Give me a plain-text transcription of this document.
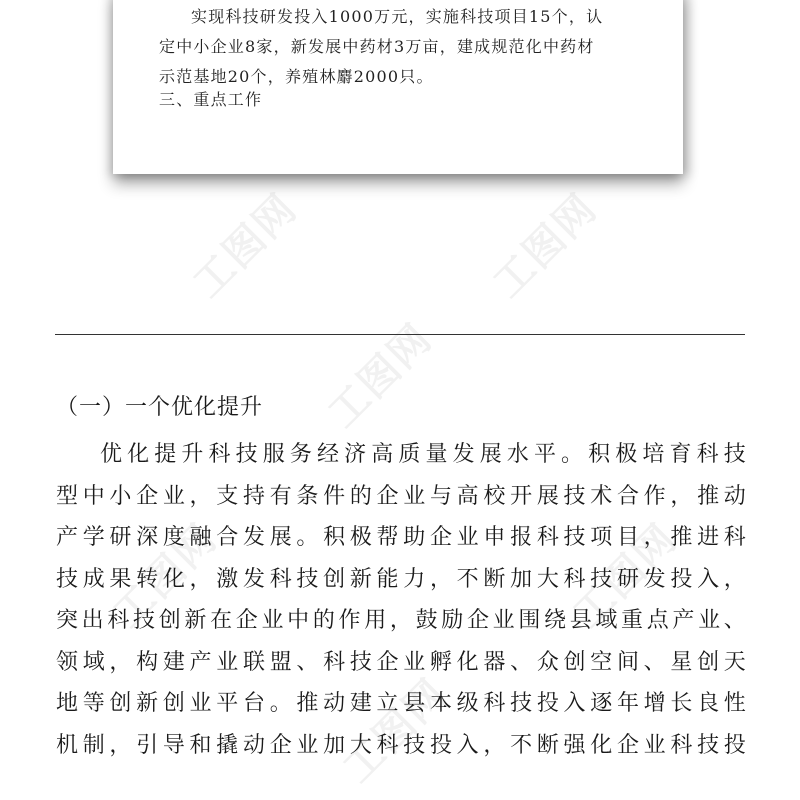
工图网	工图网
工图网
工图网	工图网
工图网

实现科技研发投入1000万元，实施科技项目15个，认

定中小企业8家，新发展中药材3万亩，建成规范化中药材

示范基地20个，养殖林麝2000只。

三、重点工作
（一）一个优化提升
优化提升科技服务经济高质量发展水平。积极培育科技
型中小企业，支持有条件的企业与高校开展技术合作，推动
产学研深度融合发展。积极帮助企业申报科技项目，推进科
技成果转化，激发科技创新能力，不断加大科技研发投入，
突出科技创新在企业中的作用，鼓励企业围绕县域重点产业、
领域，构建产业联盟、科技企业孵化器、众创空间、星创天
地等创新创业平台。推动建立县本级科技投入逐年增长良性
机制，引导和撬动企业加大科技投入，不断强化企业科技投
